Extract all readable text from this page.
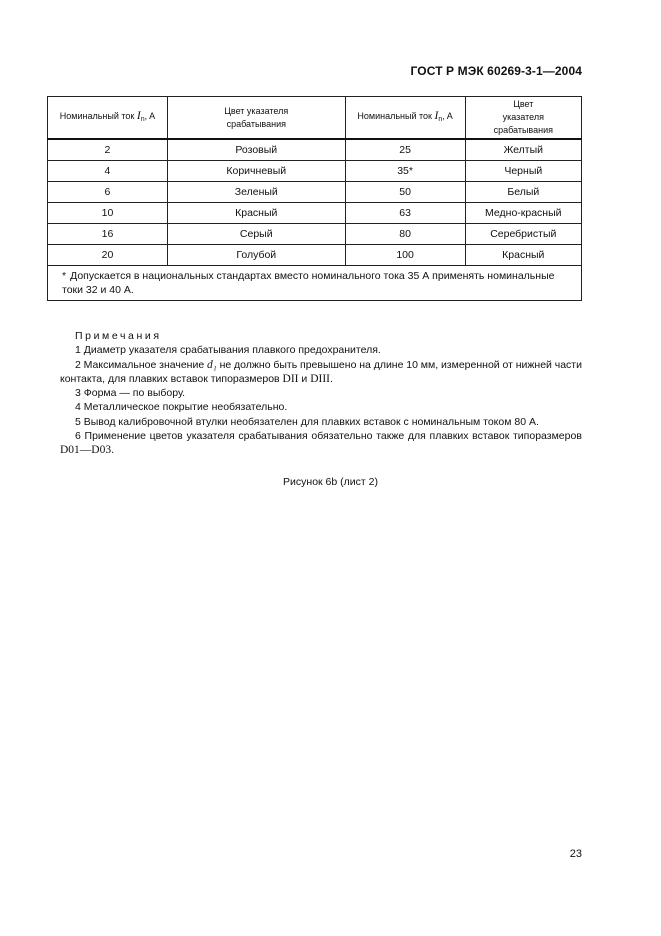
ГОСТ Р МЭК 60269-3-1—2004
Номинальный ток $I_n$, A	Цвет указателя срабатывания	Номинальный ток $I_n$, A	Цвет указателя срабатывания
2	Розовый	25	Желтый
4	Коричневый	35*	Черный
6	Зеленый	50	Белый
10	Красный	63	Медно-красный
16	Серый	80	Серебристый
20	Голубой	100	Красный
* Допускается в национальных стандартах вместо номинального тока 35 А применять номинальные токи 32 и 40 А.			
Примечания
1 Диаметр указателя срабатывания плавкого предохранителя.
2 Максимальное значение d₁ не должно быть превышено на длине 10 мм, измеренной от нижней части
контакта, для плавких вставок типоразмеров DII и DIII.
3 Форма — по выбору.
4 Металлическое покрытие необязательно.
5 Вывод калибровочной втулки необязателен для плавких вставок с номинальным током 80 А.
6 Применение цветов указателя срабатывания обязательно также для плавких вставок типоразмеров
D01—D03.
Рисунок 6b (лист 2)
23
